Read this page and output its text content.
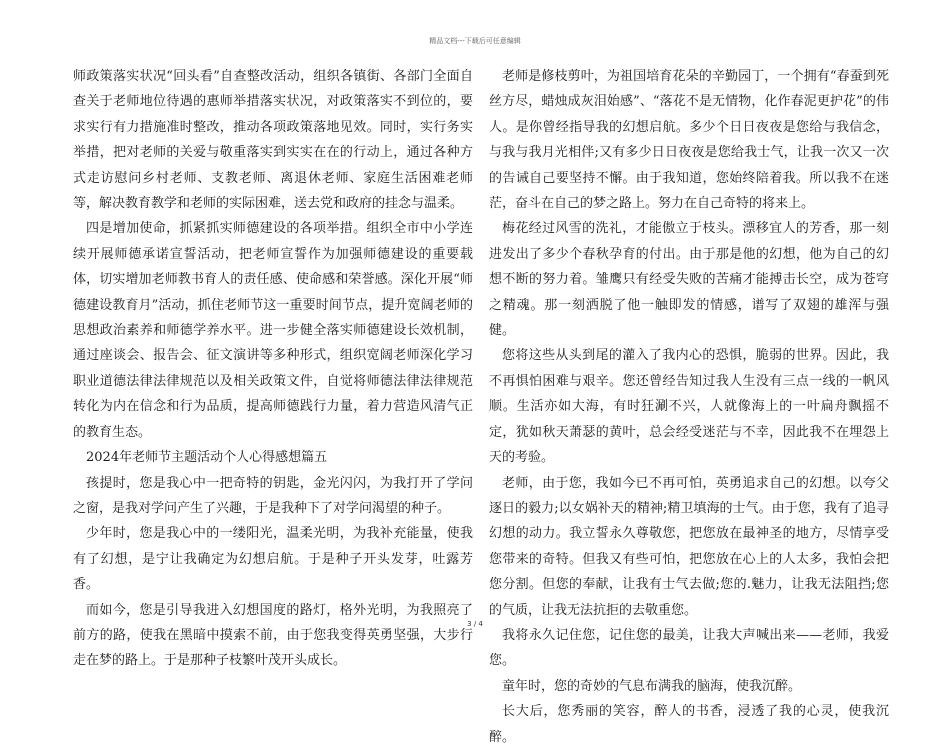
精品文档---下载后可任意编辑

师政策落实状况“回头看”自查整改活动，组织各镇街、各部门全面自查关于老师地位待遇的惠师举措落实状况，对政策落实不到位的，要求实行有力措施准时整改，推动各项政策落地见效。同时，实行务实举措，把对老师的关爱与敬重落实到实实在在的行动上，通过各种方式走访慰问乡村老师、支教老师、离退休老师、家庭生活困难老师等，解决教育教学和老师的实际困难，送去党和政府的挂念与温柔。

四是增加使命，抓紧抓实师德建设的各项举措。组织全市中小学连续开展师德承诺宣誓活动，把老师宣誓作为加强师德建设的重要载体，切实增加老师教书育人的责任感、使命感和荣誉感。深化开展“师德建设教育月”活动，抓住老师节这一重要时间节点，提升宽阔老师的思想政治素养和师德学养水平。进一步健全落实师德建设长效机制，通过座谈会、报告会、征文演讲等多种形式，组织宽阔老师深化学习职业道德法律法律规范以及相关政策文件，自觉将师德法律法律规范转化为内在信念和行为品质，提高师德践行力量，着力营造风清气正的教育生态。

2024年老师节主题活动个人心得感想篇五

孩提时，您是我心中一把奇特的钥匙，金光闪闪，为我打开了学问之窗，是我对学问产生了兴趣，于是我种下了对学问渴望的种子。

少年时，您是我心中的一缕阳光，温柔光明，为我补充能量，使我有了幻想，是宁让我确定为幻想启航。于是种子开头发芽，吐露芳香。

而如今，您是引导我进入幻想国度的路灯，格外光明，为我照亮了前方的路，使我在黑暗中摸索不前，由于您我变得英勇坚强，大步行走在梦的路上。于是那种子枝繁叶茂开头成长。

老师是修枝剪叶，为祖国培育花朵的辛勤园丁，一个拥有“春蚕到死丝方尽，蜡烛成灰泪始感”、“落花不是无情物，化作春泥更护花”的伟人。是你曾经指导我的幻想启航。多少个日日夜夜是您给与我信念，与我与我月光相伴;又有多少日日夜夜是您给我士气，让我一次又一次的告诫自己要坚持不懈。由于我知道，您始终陪着我。所以我不在迷茫，奋斗在自己的梦之路上。努力在自己奇特的将来上。

梅花经过风雪的洗礼，才能傲立于枝头。漂移宜人的芳香，那一刻进发出了多少个春秋孕育的付出。由于那是他的幻想，他为自己的幻想不断的努力着。雏鹰只有经受失败的苦痛才能搏击长空，成为苍穹之精魂。那一刻洒脱了他一触即发的情感，谱写了双翅的雄浑与强健。

您将这些从头到尾的灌入了我内心的恐惧，脆弱的世界。因此，我不再惧怕困难与艰辛。您还曾经告知过我人生没有三点一线的一帆风顺。生活亦如大海，有时狂涮不兴，人就像海上的一叶扁舟飘摇不定，犹如秋天萧瑟的黄叶，总会经受迷茫与不幸，因此我不在埋怨上天的考验。

老师，由于您，我如今已不再可怕，英勇追求自己的幻想。以夸父逐日的毅力;以女娲补天的精神;精卫填海的士气。由于您，我有了追寻幻想的动力。我立誓永久尊敬您，把您放在最神圣的地方，尽情享受您带来的奇特。但我又有些可怕，把您放在心上的人太多，我怕会把您分割。但您的奉献，让我有士气去做;您的.魅力，让我无法阻挡;您的气质，让我无法抗拒的去敬重您。

我将永久记住您，记住您的最美，让我大声喊出来——老师，我爱您。

童年时，您的奇妙的气息布满我的脑海，使我沉醉。

长大后，您秀丽的笑容，醉人的书香，浸透了我的心灵，使我沉醉。

3 / 4
